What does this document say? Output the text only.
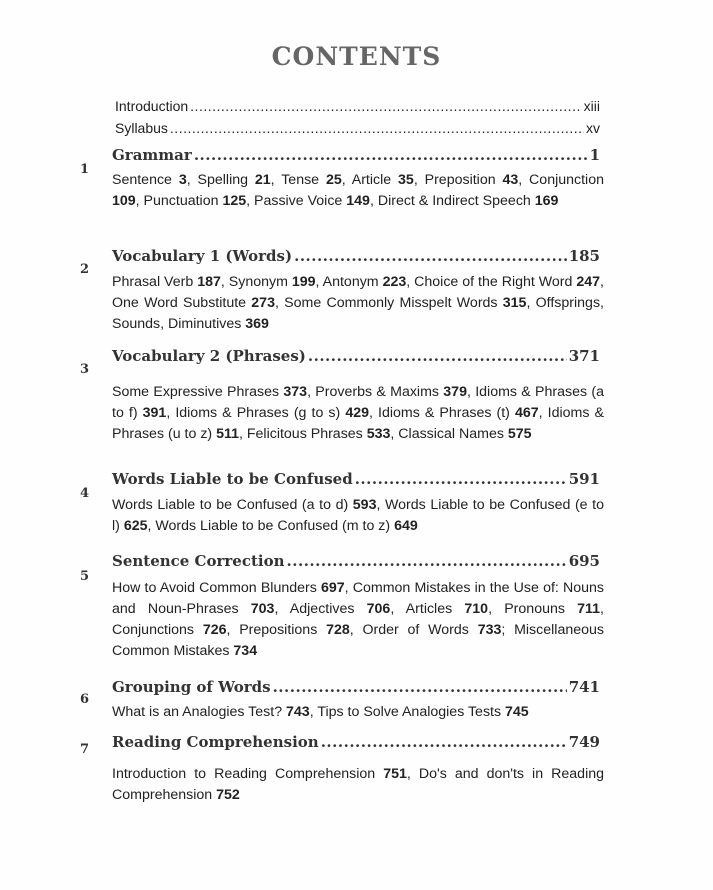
CONTENTS
Introduction .....	xiii
Syllabus .....	xv
1
Grammar .....	1
Sentence 3, Spelling 21, Tense 25, Article 35, Preposition 43, Conjunction 109, Punctuation 125, Passive Voice 149, Direct & Indirect Speech 169
2
Vocabulary 1 (Words) .....	185
Phrasal Verb 187, Synonym 199, Antonym 223, Choice of the Right Word 247, One Word Substitute 273, Some Commonly Misspelt Words 315, Offsprings, Sounds, Diminutives 369
3
Vocabulary 2 (Phrases) .....	371
Some Expressive Phrases 373, Proverbs & Maxims 379, Idioms & Phrases (a to f) 391, Idioms & Phrases (g to s) 429, Idioms & Phrases (t) 467, Idioms & Phrases (u to z) 511, Felicitous Phrases 533, Classical Names 575
4
Words Liable to be Confused .....	591
Words Liable to be Confused (a to d) 593, Words Liable to be Confused (e to l) 625, Words Liable to be Confused (m to z) 649
5
Sentence Correction .....	695
How to Avoid Common Blunders 697, Common Mistakes in the Use of: Nouns and Noun-Phrases 703, Adjectives 706, Articles 710, Pronouns 711, Conjunctions 726, Prepositions 728, Order of Words 733; Miscellaneous Common Mistakes 734
6
Grouping of Words .....	741
What is an Analogies Test? 743, Tips to Solve Analogies Tests 745
7 Reading Comprehension .....	749
Introduction to Reading Comprehension 751, Do's and don'ts in Reading Comprehension 752
